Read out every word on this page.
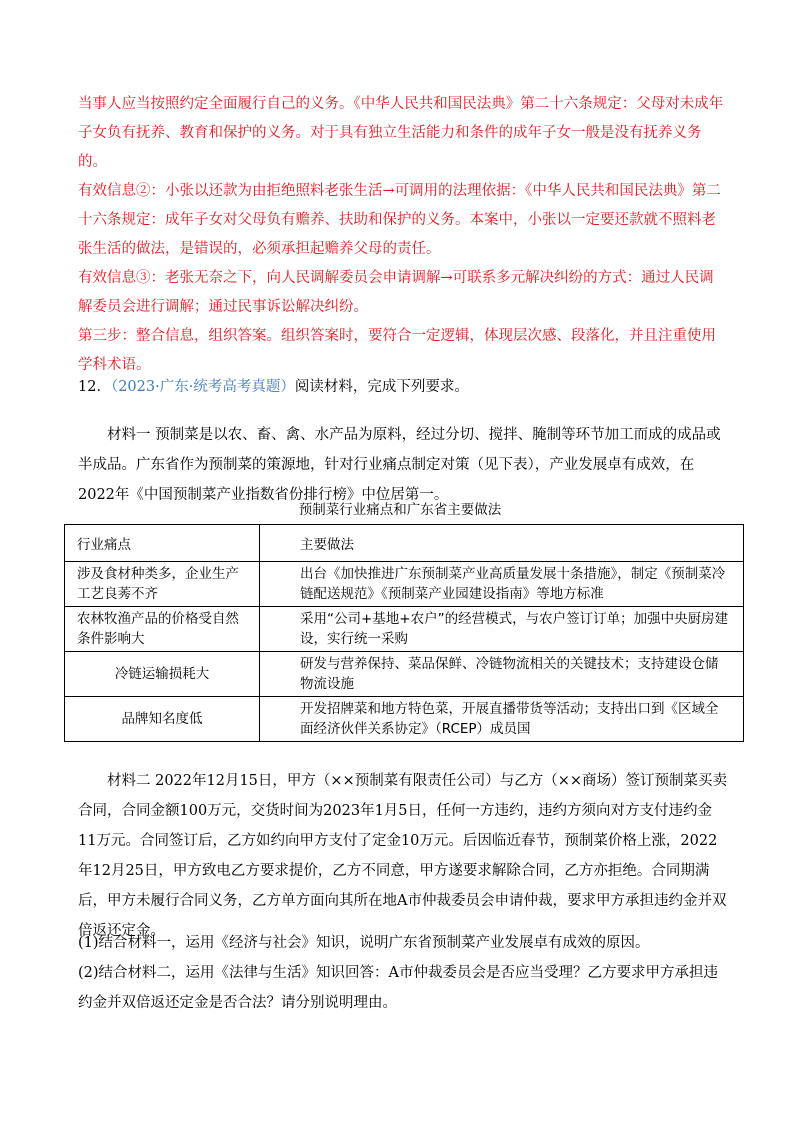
当事人应当按照约定全面履行自己的义务。《中华人民共和国民法典》第二十六条规定：父母对未成年子女负有抚养、教育和保护的义务。对于具有独立生活能力和条件的成年子女一般是没有抚养义务的。

有效信息②：小张以还款为由拒绝照料老张生活→可调用的法理依据：《中华人民共和国民法典》第二十六条规定：成年子女对父母负有赡养、扶助和保护的义务。本案中，小张以一定要还款就不照料老张生活的做法，是错误的，必须承担起赡养父母的责任。

有效信息③：老张无奈之下，向人民调解委员会申请调解→可联系多元解决纠纷的方式：通过人民调解委员会进行调解；通过民事诉讼解决纠纷。

第三步：整合信息，组织答案。组织答案时，要符合一定逻辑，体现层次感、段落化，并且注重使用学科术语。

12．（2023·广东·统考高考真题）阅读材料，完成下列要求。

材料一 预制菜是以农、畜、禽、水产品为原料，经过分切、搅拌、腌制等环节加工而成的成品或半成品。广东省作为预制菜的策源地，针对行业痛点制定对策（见下表），产业发展卓有成效，在2022年《中国预制菜产业指数省份排行榜》中位居第一。

预制菜行业痛点和广东省主要做法
行业痛点	主要做法
涉及食材种类多，企业生产工艺良莠不齐	出台《加快推进广东预制菜产业高质量发展十条措施》，制定《预制菜冷链配送规范》《预制菜产业园建设指南》等地方标准
农林牧渔产品的价格受自然条件影响大	采用“公司+基地+农户”的经营模式，与农户签订订单；加强中央厨房建设，实行统一采购
冷链运输损耗大	研发与营养保持、菜品保鲜、冷链物流相关的关键技术；支持建设仓储物流设施
品牌知名度低	开发招牌菜和地方特色菜，开展直播带货等活动；支持出口到《区域全面经济伙伴关系协定》（RCEP）成员国

材料二 2022年12月15日，甲方（××预制菜有限责任公司）与乙方（××商场）签订预制菜买卖合同，合同金额100万元，交货时间为2023年1月5日，任何一方违约，违约方须向对方支付违约金11万元。合同签订后，乙方如约向甲方支付了定金10万元。后因临近春节，预制菜价格上涨，2022年12月25日，甲方致电乙方要求提价，乙方不同意，甲方遂要求解除合同，乙方亦拒绝。合同期满后，甲方未履行合同义务，乙方单方面向其所在地A市仲裁委员会申请仲裁，要求甲方承担违约金并双倍返还定金。

(1)结合材料一，运用《经济与社会》知识，说明广东省预制菜产业发展卓有成效的原因。

(2)结合材料二，运用《法律与生活》知识回答：A市仲裁委员会是否应当受理？乙方要求甲方承担违约金并双倍返还定金是否合法？请分别说明理由。
